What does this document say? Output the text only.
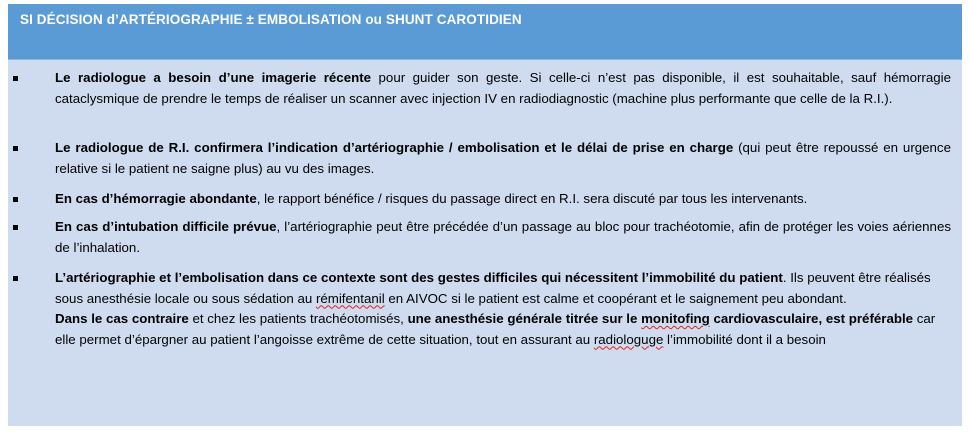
SI DÉCISION d’ARTÉRIOGRAPHIE ± EMBOLISATION ou SHUNT CAROTIDIEN
Le radiologue a besoin d’une imagerie récente pour guider son geste. Si celle-ci n’est pas disponible, il est souhaitable, sauf hémorragie cataclysmique de prendre le temps de réaliser un scanner avec injection IV en radiodiagnostic (machine plus performante que celle de la R.I.).
Le radiologue de R.I. confirmera l’indication d’artériographie / embolisation et le délai de prise en charge (qui peut être repoussé en urgence relative si le patient ne saigne plus) au vu des images.
En cas d’hémorragie abondante, le rapport bénéfice / risques du passage direct en R.I. sera discuté par tous les intervenants.
En cas d’intubation difficile prévue, l’artériographie peut être précédée d’un passage au bloc pour trachéotomie, afin de protéger les voies aériennes de l’inhalation.
L’artériographie et l’embolisation dans ce contexte sont des gestes difficiles qui nécessitent l’immobilité du patient. Ils peuvent être réalisés sous anesthésie locale ou sous sédation au rémifentanil en AIVOC si le patient est calme et coopérant et le saignement peu abondant.
Dans le cas contraire et chez les patients trachéotomisés, une anesthésie générale titrée sur le monitofing cardiovasculaire, est préférable car elle permet d’épargner au patient l’angoisse extrême de cette situation, tout en assurant au radiologuge l’immobilité dont il a besoin
